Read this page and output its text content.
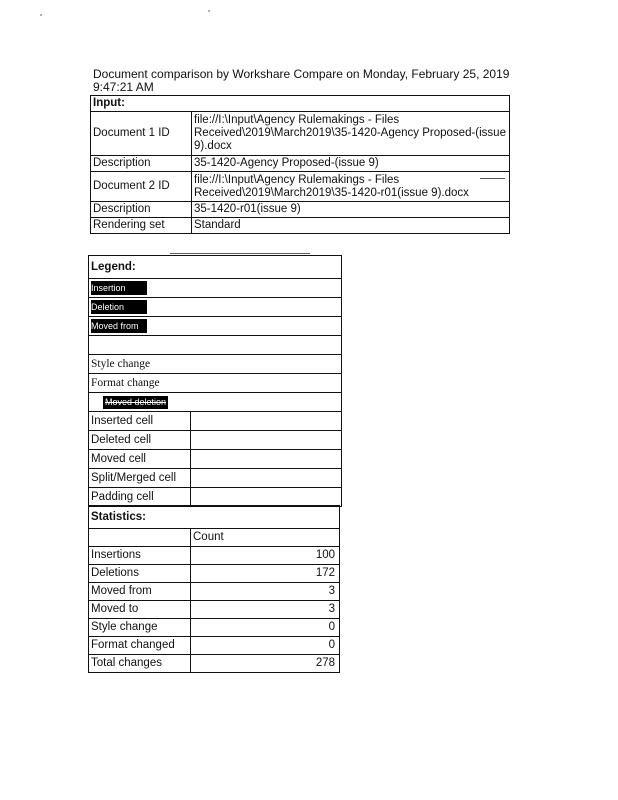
Document comparison by Workshare Compare on Monday, February 25, 2019
9:47:21 AM
Input:	
Document 1 ID	file://I:\Input\Agency Rulemakings - Files Received\2019\March2019\35-1420-Agency Proposed-(issue 9).docx
Description	35-1420-Agency Proposed-(issue 9)
Document 2 ID	file://I:\Input\Agency Rulemakings - Files Received\2019\March2019\35-1420-r01(issue 9).docx
Description	35-1420-r01(issue 9)
Rendering set	Standard
Legend:	

Insertion	

Deletion	

Moved from	

Style change	
Format change	
Moved deletion	
Inserted cell	
Deleted cell	
Moved cell	
Split/Merged cell	
Padding cell	
Statistics:	
	Count
Insertions	100
Deletions	172
Moved from	3
Moved to	3
Style change	0
Format changed	0
Total changes	278
